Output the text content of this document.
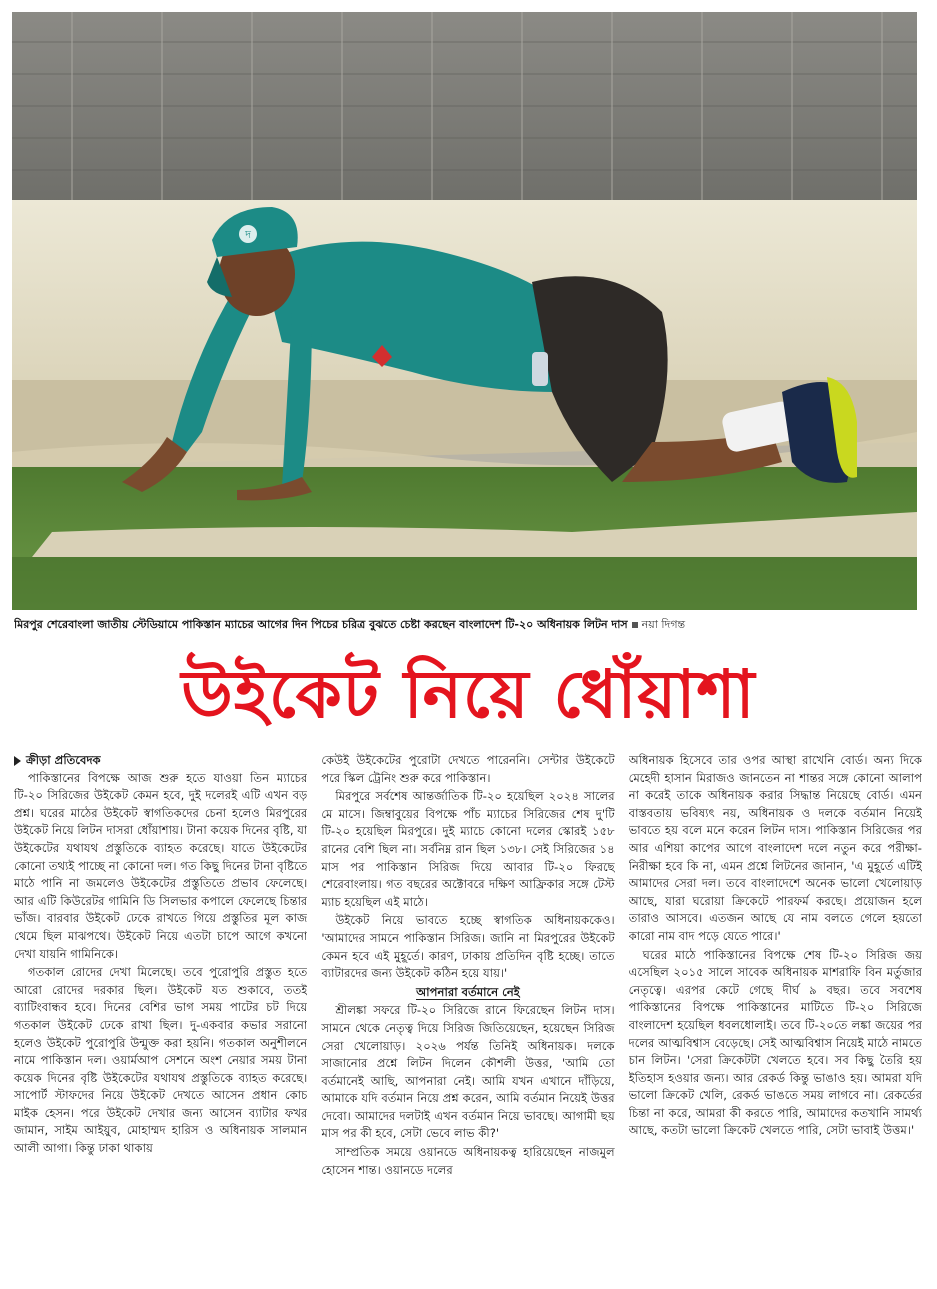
দ
মিরপুর শেরেবাংলা জাতীয় স্টেডিয়ামে পাকিস্তান ম্যাচের আগের দিন পিচের চরিত্র বুঝতে চেষ্টা করছেন বাংলাদেশ টি-২০ অধিনায়ক লিটন দাস নয়া দিগন্ত
উইকেট নিয়ে ধোঁয়াশা
ক্রীড়া প্রতিবেদক

পাকিস্তানের বিপক্ষে আজ শুরু হতে যাওয়া তিন ম্যাচের টি-২০ সিরিজের উইকেট কেমন হবে, দুই দলেরই এটি এখন বড় প্রশ্ন। ঘরের মাঠের উইকেট স্বাগতিকদের চেনা হলেও মিরপুরের উইকেট নিয়ে লিটন দাসরা ধোঁয়াশায়। টানা কয়েক দিনের বৃষ্টি, যা উইকেটের যথাযথ প্রস্তুতিকে ব্যাহত করেছে। যাতে উইকেটের কোনো তথ্যই পাচ্ছে না কোনো দল। গত কিছু দিনের টানা বৃষ্টিতে মাঠে পানি না জমলেও উইকেটের প্রস্তুতিতে প্রভাব ফেলেছে। আর এটি কিউরেটর গামিনি ডি সিলভার কপালে ফেলেছে চিন্তার ভাঁজ। বারবার উইকেট ঢেকে রাখতে গিয়ে প্রস্তুতির মূল কাজ থেমে ছিল মাঝপথে। উইকেট নিয়ে এতটা চাপে আগে কখনো দেখা যায়নি গামিনিকে।

গতকাল রোদের দেখা মিলেছে। তবে পুরোপুরি প্রস্তুত হতে আরো রোদের দরকার ছিল। উইকেট যত শুকাবে, ততই ব্যাটিংবান্ধব হবে। দিনের বেশির ভাগ সময় পাটের চট দিয়ে গতকাল উইকেট ঢেকে রাখা ছিল। দু-একবার কভার সরানো হলেও উইকেট পুরোপুরি উন্মুক্ত করা হয়নি। গতকাল অনুশীলনে নামে পাকিস্তান দল। ওয়ার্মআপ সেশনে অংশ নেয়ার সময় টানা কয়েক দিনের বৃষ্টি উইকেটের যথাযথ প্রস্তুতিকে ব্যাহত করেছে। সাপোর্ট স্টাফদের নিয়ে উইকেট দেখতে আসেন প্রধান কোচ মাইক হেসন। পরে উইকেট দেখার জন্য আসেন ব্যাটার ফখর জামান, সাইম আইয়ুব, মোহাম্মদ হারিস ও অধিনায়ক সালমান আলী আগা। কিন্তু ঢাকা থাকায়

কেউই উইকেটের পুরোটা দেখতে পারেননি। সেন্টার উইকেটে পরে স্কিল ট্রেনিং শুরু করে পাকিস্তান।

মিরপুরে সর্বশেষ আন্তর্জাতিক টি-২০ হয়েছিল ২০২৪ সালের মে মাসে। জিম্বাবুয়ের বিপক্ষে পাঁচ ম্যাচের সিরিজের শেষ দু'টি টি-২০ হয়েছিল মিরপুরে। দুই ম্যাচে কোনো দলের স্কোরই ১৫৮ রানের বেশি ছিল না। সর্বনিম্ন রান ছিল ১৩৮। সেই সিরিজের ১৪ মাস পর পাকিস্তান সিরিজ দিয়ে আবার টি-২০ ফিরছে শেরেবাংলায়। গত বছরের অক্টোবরে দক্ষিণ আফ্রিকার সঙ্গে টেস্ট ম্যাচ হয়েছিল এই মাঠে।

উইকেট নিয়ে ভাবতে হচ্ছে স্বাগতিক অধিনায়ককেও। 'আমাদের সামনে পাকিস্তান সিরিজ। জানি না মিরপুরের উইকেট কেমন হবে এই মুহূর্তে। কারণ, ঢাকায় প্রতিদিন বৃষ্টি হচ্ছে। তাতে ব্যাটারদের জন্য উইকেট কঠিন হয়ে যায়।'

আপনারা বর্তমানে নেই

শ্রীলঙ্কা সফরে টি-২০ সিরিজে রানে ফিরেছেন লিটন দাস। সামনে থেকে নেতৃত্ব দিয়ে সিরিজ জিতিয়েছেন, হয়েছেন সিরিজ সেরা খেলোয়াড়। ২০২৬ পর্যন্ত তিনিই অধিনায়ক। দলকে সাজানোর প্রশ্নে লিটন দিলেন কৌশলী উত্তর, 'আমি তো বর্তমানেই আছি, আপনারা নেই। আমি যখন এখানে দাঁড়িয়ে, আমাকে যদি বর্তমান নিয়ে প্রশ্ন করেন, আমি বর্তমান নিয়েই উত্তর দেবো। আমাদের দলটাই এখন বর্তমান নিয়ে ভাবছে। আগামী ছয় মাস পর কী হবে, সেটা ভেবে লাভ কী?'

সাম্প্রতিক সময়ে ওয়ানডে অধিনায়কত্ব হারিয়েছেন নাজমুল হোসেন শান্ত। ওয়ানডে দলের

অধিনায়ক হিসেবে তার ওপর আস্থা রাখেনি বোর্ড। অন্য দিকে মেহেদী হাসান মিরাজও জানতেন না শান্তর সঙ্গে কোনো আলাপ না করেই তাকে অধিনায়ক করার সিদ্ধান্ত নিয়েছে বোর্ড। এমন বাস্তবতায় ভবিষ্যৎ নয়, অধিনায়ক ও দলকে বর্তমান নিয়েই ভাবতে হয় বলে মনে করেন লিটন দাস। পাকিস্তান সিরিজের পর আর এশিয়া কাপের আগে বাংলাদেশ দলে নতুন করে পরীক্ষা-নিরীক্ষা হবে কি না, এমন প্রশ্নে লিটনের জানান, 'এ মুহূর্তে এটিই আমাদের সেরা দল। তবে বাংলাদেশে অনেক ভালো খেলোয়াড় আছে, যারা ঘরোয়া ক্রিকেটে পারফর্ম করছে। প্রয়োজন হলে তারাও আসবে। এতজন আছে যে নাম বলতে গেলে হয়তো কারো নাম বাদ পড়ে যেতে পারে।'

ঘরের মাঠে পাকিস্তানের বিপক্ষে শেষ টি-২০ সিরিজ জয় এসেছিল ২০১৫ সালে সাবেক অধিনায়ক মাশরাফি বিন মর্তুজার নেতৃত্বে। এরপর কেটে গেছে দীর্ঘ ৯ বছর। তবে সবশেষ পাকিস্তানের বিপক্ষে পাকিস্তানের মাটিতে টি-২০ সিরিজে বাংলাদেশ হয়েছিল ধবলধোলাই। তবে টি-২০তে লঙ্কা জয়ের পর দলের আত্মবিশ্বাস বেড়েছে। সেই আত্মবিশ্বাস নিয়েই মাঠে নামতে চান লিটন। 'সেরা ক্রিকেটটা খেলতে হবে। সব কিছু তৈরি হয় ইতিহাস হওয়ার জন্য। আর রেকর্ড কিন্তু ভাঙাও হয়। আমরা যদি ভালো ক্রিকেট খেলি, রেকর্ড ভাঙতে সময় লাগবে না। রেকর্ডের চিন্তা না করে, আমরা কী করতে পারি, আমাদের কতখানি সামর্থ্য আছে, কতটা ভালো ক্রিকেট খেলতে পারি, সেটা ভাবাই উত্তম।'
